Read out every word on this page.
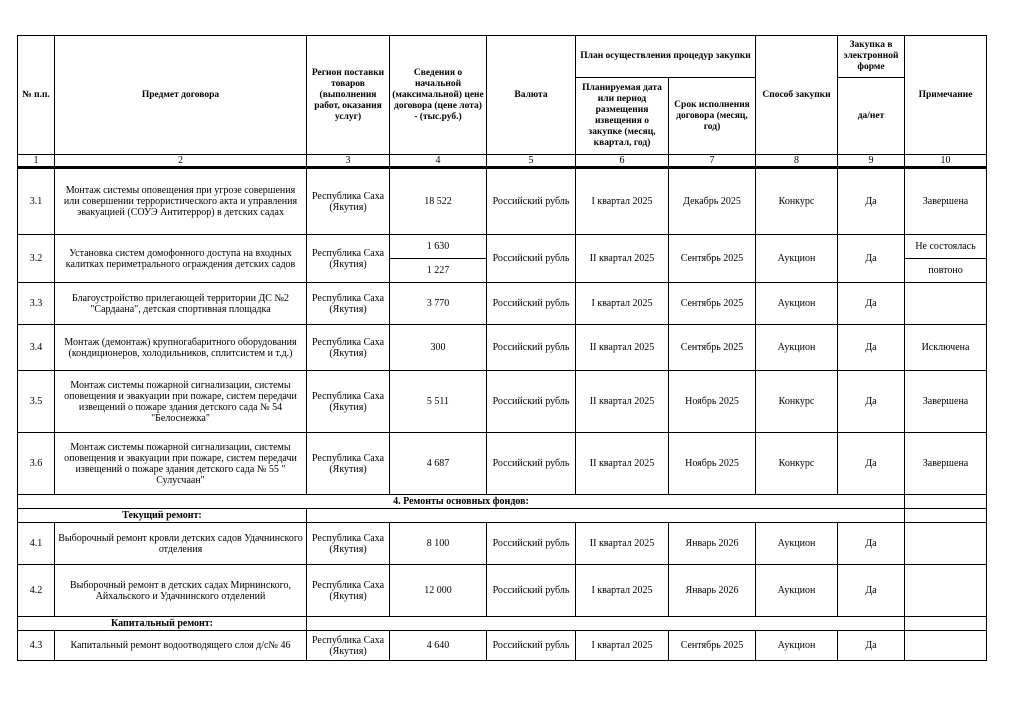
№ п.п.	Предмет договора	Регион поставки товаров (выполнения работ, оказания услуг)	Сведения о начальной (максимальной) цене договора (цене лота) - (тыс.руб.)	Валюта	План осуществления процедур закупки		Способ закупки	Закупка в электронной форме	Примечание
					Планируемая дата или период размещения извещения о закупке (месяц, квартал, год)	Срок исполнения договора (месяц, год)		да/нет	
1	2	3	4	5	6	7	8	9	10
3.1	Монтаж системы оповещения при угрозе совершения или совершении террористического акта и управления эвакуацией (СОУЭ Антитеррор) в детских садах	Республика Саха (Якутия)	18 522	Российский рубль	I квартал 2025	Декабрь 2025	Конкурс	Да	Завершена
3.2	Установка систем домофонного доступа на входных калитках периметрального ограждения детских садов	Республика Саха (Якутия)	1 630	Российский рубль	II квартал 2025	Сентябрь 2025	Аукцион	Да	Не состоялась
			1 227						повтоно
3.3	Благоустройство прилегающей территории ДС №2 "Сардаана", детская спортивная площадка	Республика Саха (Якутия)	3 770	Российский рубль	I квартал 2025	Сентябрь 2025	Аукцион	Да	
3.4	Монтаж (демонтаж) крупногабаритного оборудования (кондиционеров, холодильников, сплитсистем и т.д.)	Республика Саха (Якутия)	300	Российский рубль	II квартал 2025	Сентябрь 2025	Аукцион	Да	Исключена
3.5	Монтаж системы пожарной сигнализации, системы оповещения и эвакуации при пожаре, систем передачи извещений о пожаре здания детского сада № 54 "Белоснежка"	Республика Саха (Якутия)	5 511	Российский рубль	II квартал 2025	Ноябрь 2025	Конкурс	Да	Завершена
3.6	Монтаж системы пожарной сигнализации, системы оповещения и эвакуации при пожаре, систем передачи извещений о пожаре здания детского сада № 55 " Сулусчаан"	Республика Саха (Якутия)	4 687	Российский рубль	II квартал 2025	Ноябрь 2025	Конкурс	Да	Завершена
4. Ремонты основных фондов:									
Текущий ремонт:									
4.1	Выборочный ремонт кровли детских садов Удачнинского отделения	Республика Саха (Якутия)	8 100	Российский рубль	II квартал 2025	Январь 2026	Аукцион	Да	
4.2	Выборочный ремонт в детских садах Мирнинского, Айхальского и Удачнинского отделений	Республика Саха (Якутия)	12 000	Российский рубль	I квартал 2025	Январь 2026	Аукцион	Да	
Капитальный ремонт:									
4.3	Капитальный ремонт водоотводящего слоя д/с№ 46	Республика Саха (Якутия)	4 640	Российский рубль	I квартал 2025	Сентябрь 2025	Аукцион	Да	
